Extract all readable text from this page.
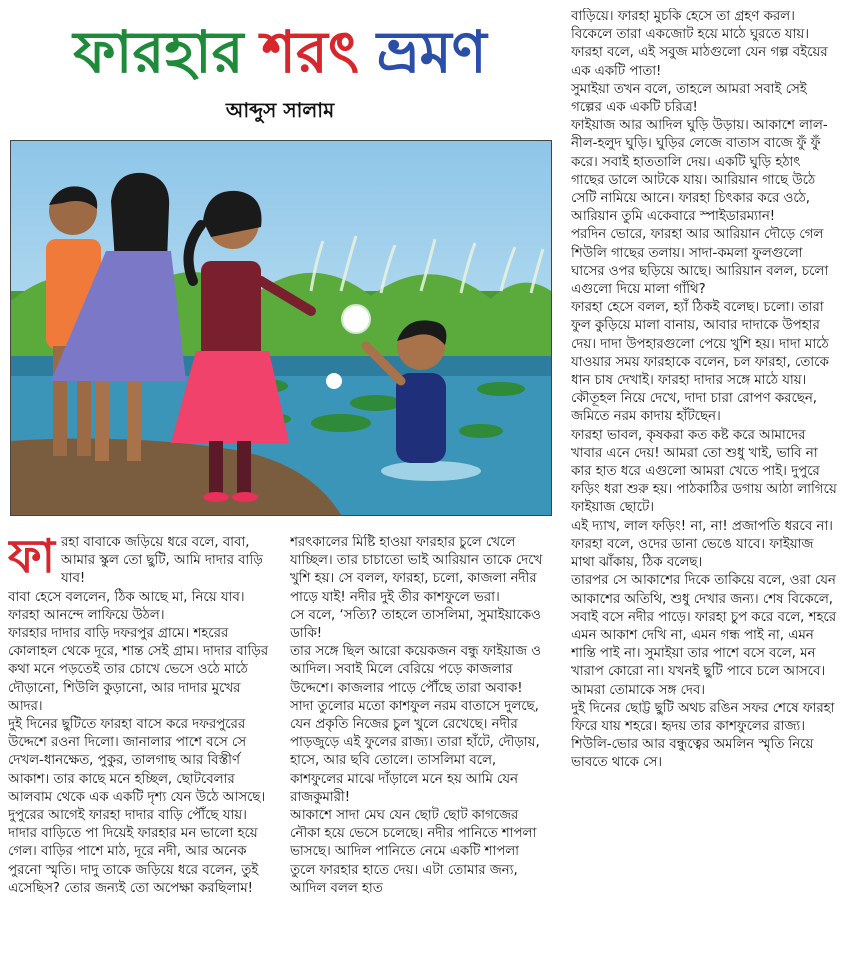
ফারহার শরৎ ভ্রমণ
আব্দুস সালাম

ফারহা বাবাকে জড়িয়ে ধরে বলে, বাবা, আমার স্কুল তো ছুটি, আমি দাদার বাড়ি যাব!

বাবা হেসে বললেন, ঠিক আছে মা, নিয়ে যাব। ফারহা আনন্দে লাফিয়ে উঠল।

ফারহার দাদার বাড়ি দফরপুর গ্রামে। শহরের কোলাহল থেকে দূরে, শান্ত সেই গ্রাম। দাদার বাড়ির কথা মনে পড়তেই তার চোখে ভেসে ওঠে মাঠে দৌড়ানো, শিউলি কুড়ানো, আর দাদার মুখের আদর।

দুই দিনের ছুটিতে ফারহা বাসে করে দফরপুরের উদ্দেশে রওনা দিলো। জানালার পাশে বসে সে দেখল-ধানক্ষেত, পুকুর, তালগাছ আর বিস্তীর্ণ আকাশ। তার কাছে মনে হচ্ছিল, ছোটবেলার আলবাম থেকে এক একটি দৃশ্য যেন উঠে আসছে। দুপুরের আগেই ফারহা দাদার বাড়ি পৌঁছে যায়। দাদার বাড়িতে পা দিয়েই ফারহার মন ভালো হয়ে গেল। বাড়ির পাশে মাঠ, দূরে নদী, আর অনেক পুরনো স্মৃতি। দাদু তাকে জড়িয়ে ধরে বলেন, তুই এসেছিস? তোর জন্যই তো অপেক্ষা করছিলাম!

শরৎকালের মিষ্টি হাওয়া ফারহার চুলে খেলে যাচ্ছিল। তার চাচাতো ভাই আরিয়ান তাকে দেখে খুশি হয়। সে বলল, ফারহা, চলো, কাজলা নদীর পাড়ে যাই! নদীর দুই তীর কাশফুলে ভরা।

সে বলে, ‘সত্যি? তাহলে তাসলিমা, সুমাইয়াকেও ডাকি!

তার সঙ্গে ছিল আরো কয়েকজন বন্ধু ফাইয়াজ ও আদিল। সবাই মিলে বেরিয়ে পড়ে কাজলার উদ্দেশে। কাজলার পাড়ে পৌঁছে তারা অবাক! সাদা তুলোর মতো কাশফুল নরম বাতাসে দুলছে, যেন প্রকৃতি নিজের চুল খুলে রেখেছে। নদীর পাড়জুড়ে এই ফুলের রাজ্য। তারা হাঁটে, দৌড়ায়, হাসে, আর ছবি তোলে। তাসলিমা বলে, কাশফুলের মাঝে দাঁড়ালে মনে হয় আমি যেন রাজকুমারী!

আকাশে সাদা মেঘ যেন ছোট ছোট কাগজের নৌকা হয়ে ভেসে চলেছে। নদীর পানিতে শাপলা ভাসছে। আদিল পানিতে নেমে একটি শাপলা তুলে ফারহার হাতে দেয়। এটা তোমার জন্য, আদিল বলল হাত

বাড়িয়ে। ফারহা মুচকি হেসে তা গ্রহণ করল। বিকেলে তারা একজোট হয়ে মাঠে ঘুরতে যায়। ফারহা বলে, এই সবুজ মাঠগুলো যেন গল্প বইয়ের এক একটি পাতা!

সুমাইয়া তখন বলে, তাহলে আমরা সবাই সেই গল্পের এক একটি চরিত্র!

ফাইয়াজ আর আদিল ঘুড়ি উড়ায়। আকাশে লাল-নীল-হলুদ ঘুড়ি। ঘুড়ির লেজে বাতাস বাজে ফুঁ ফুঁ করে। সবাই হাততালি দেয়। একটি ঘুড়ি হঠাৎ গাছের ডালে আটকে যায়। আরিয়ান গাছে উঠে সেটি নামিয়ে আনে। ফারহা চিৎকার করে ওঠে, আরিয়ান তুমি একেবারে স্পাইডারম্যান!

পরদিন ভোরে, ফারহা আর আরিয়ান দৌড়ে গেল শিউলি গাছের তলায়। সাদা-কমলা ফুলগুলো ঘাসের ওপর ছড়িয়ে আছে। আরিয়ান বলল, চলো এগুলো দিয়ে মালা গাঁথি?

ফারহা হেসে বলল, হ্যাঁ ঠিকই বলেছ। চলো। তারা ফুল কুড়িয়ে মালা বানায়, আবার দাদাকে উপহার দেয়। দাদা উপহারগুলো পেয়ে খুশি হয়। দাদা মাঠে যাওয়ার সময় ফারহাকে বলেন, চল ফারহা, তোকে ধান চাষ দেখাই। ফারহা দাদার সঙ্গে মাঠে যায়। কৌতূহল নিয়ে দেখে, দাদা চারা রোপণ করছেন, জমিতে নরম কাদায় হাঁটছেন।

ফারহা ভাবল, কৃষকরা কত কষ্ট করে আমাদের খাবার এনে দেয়! আমরা তো শুধু খাই, ভাবি না কার হাত ধরে এগুলো আমরা খেতে পাই। দুপুরে ফড়িং ধরা শুরু হয়। পাঠকাঠির ডগায় আঠা লাগিয়ে ফাইয়াজ ছোটে।

এই দ্যাখ, লাল ফড়িং! না, না! প্রজাপতি ধরবে না।

ফারহা বলে, ওদের ডানা ভেঙে যাবে। ফাইয়াজ মাথা ঝাঁকায়, ঠিক বলেছ।

তারপর সে আকাশের দিকে তাকিয়ে বলে, ওরা যেন আকাশের অতিথি, শুধু দেখার জন্য। শেষ বিকেলে, সবাই বসে নদীর পাড়ে। ফারহা চুপ করে বলে, শহরে এমন আকাশ দেখি না, এমন গন্ধ পাই না, এমন শান্তি পাই না। সুমাইয়া তার পাশে বসে বলে, মন খারাপ কোরো না। যখনই ছুটি পাবে চলে আসবে। আমরা তোমাকে সঙ্গ দেব।

দুই দিনের ছোট্ট ছুটি অথচ রঙিন সফর শেষে ফারহা ফিরে যায় শহরে। হৃদয় তার কাশফুলের রাজ্য। শিউলি-ভোর আর বন্ধুত্বের অমলিন স্মৃতি নিয়ে ভাবতে থাকে সে।
